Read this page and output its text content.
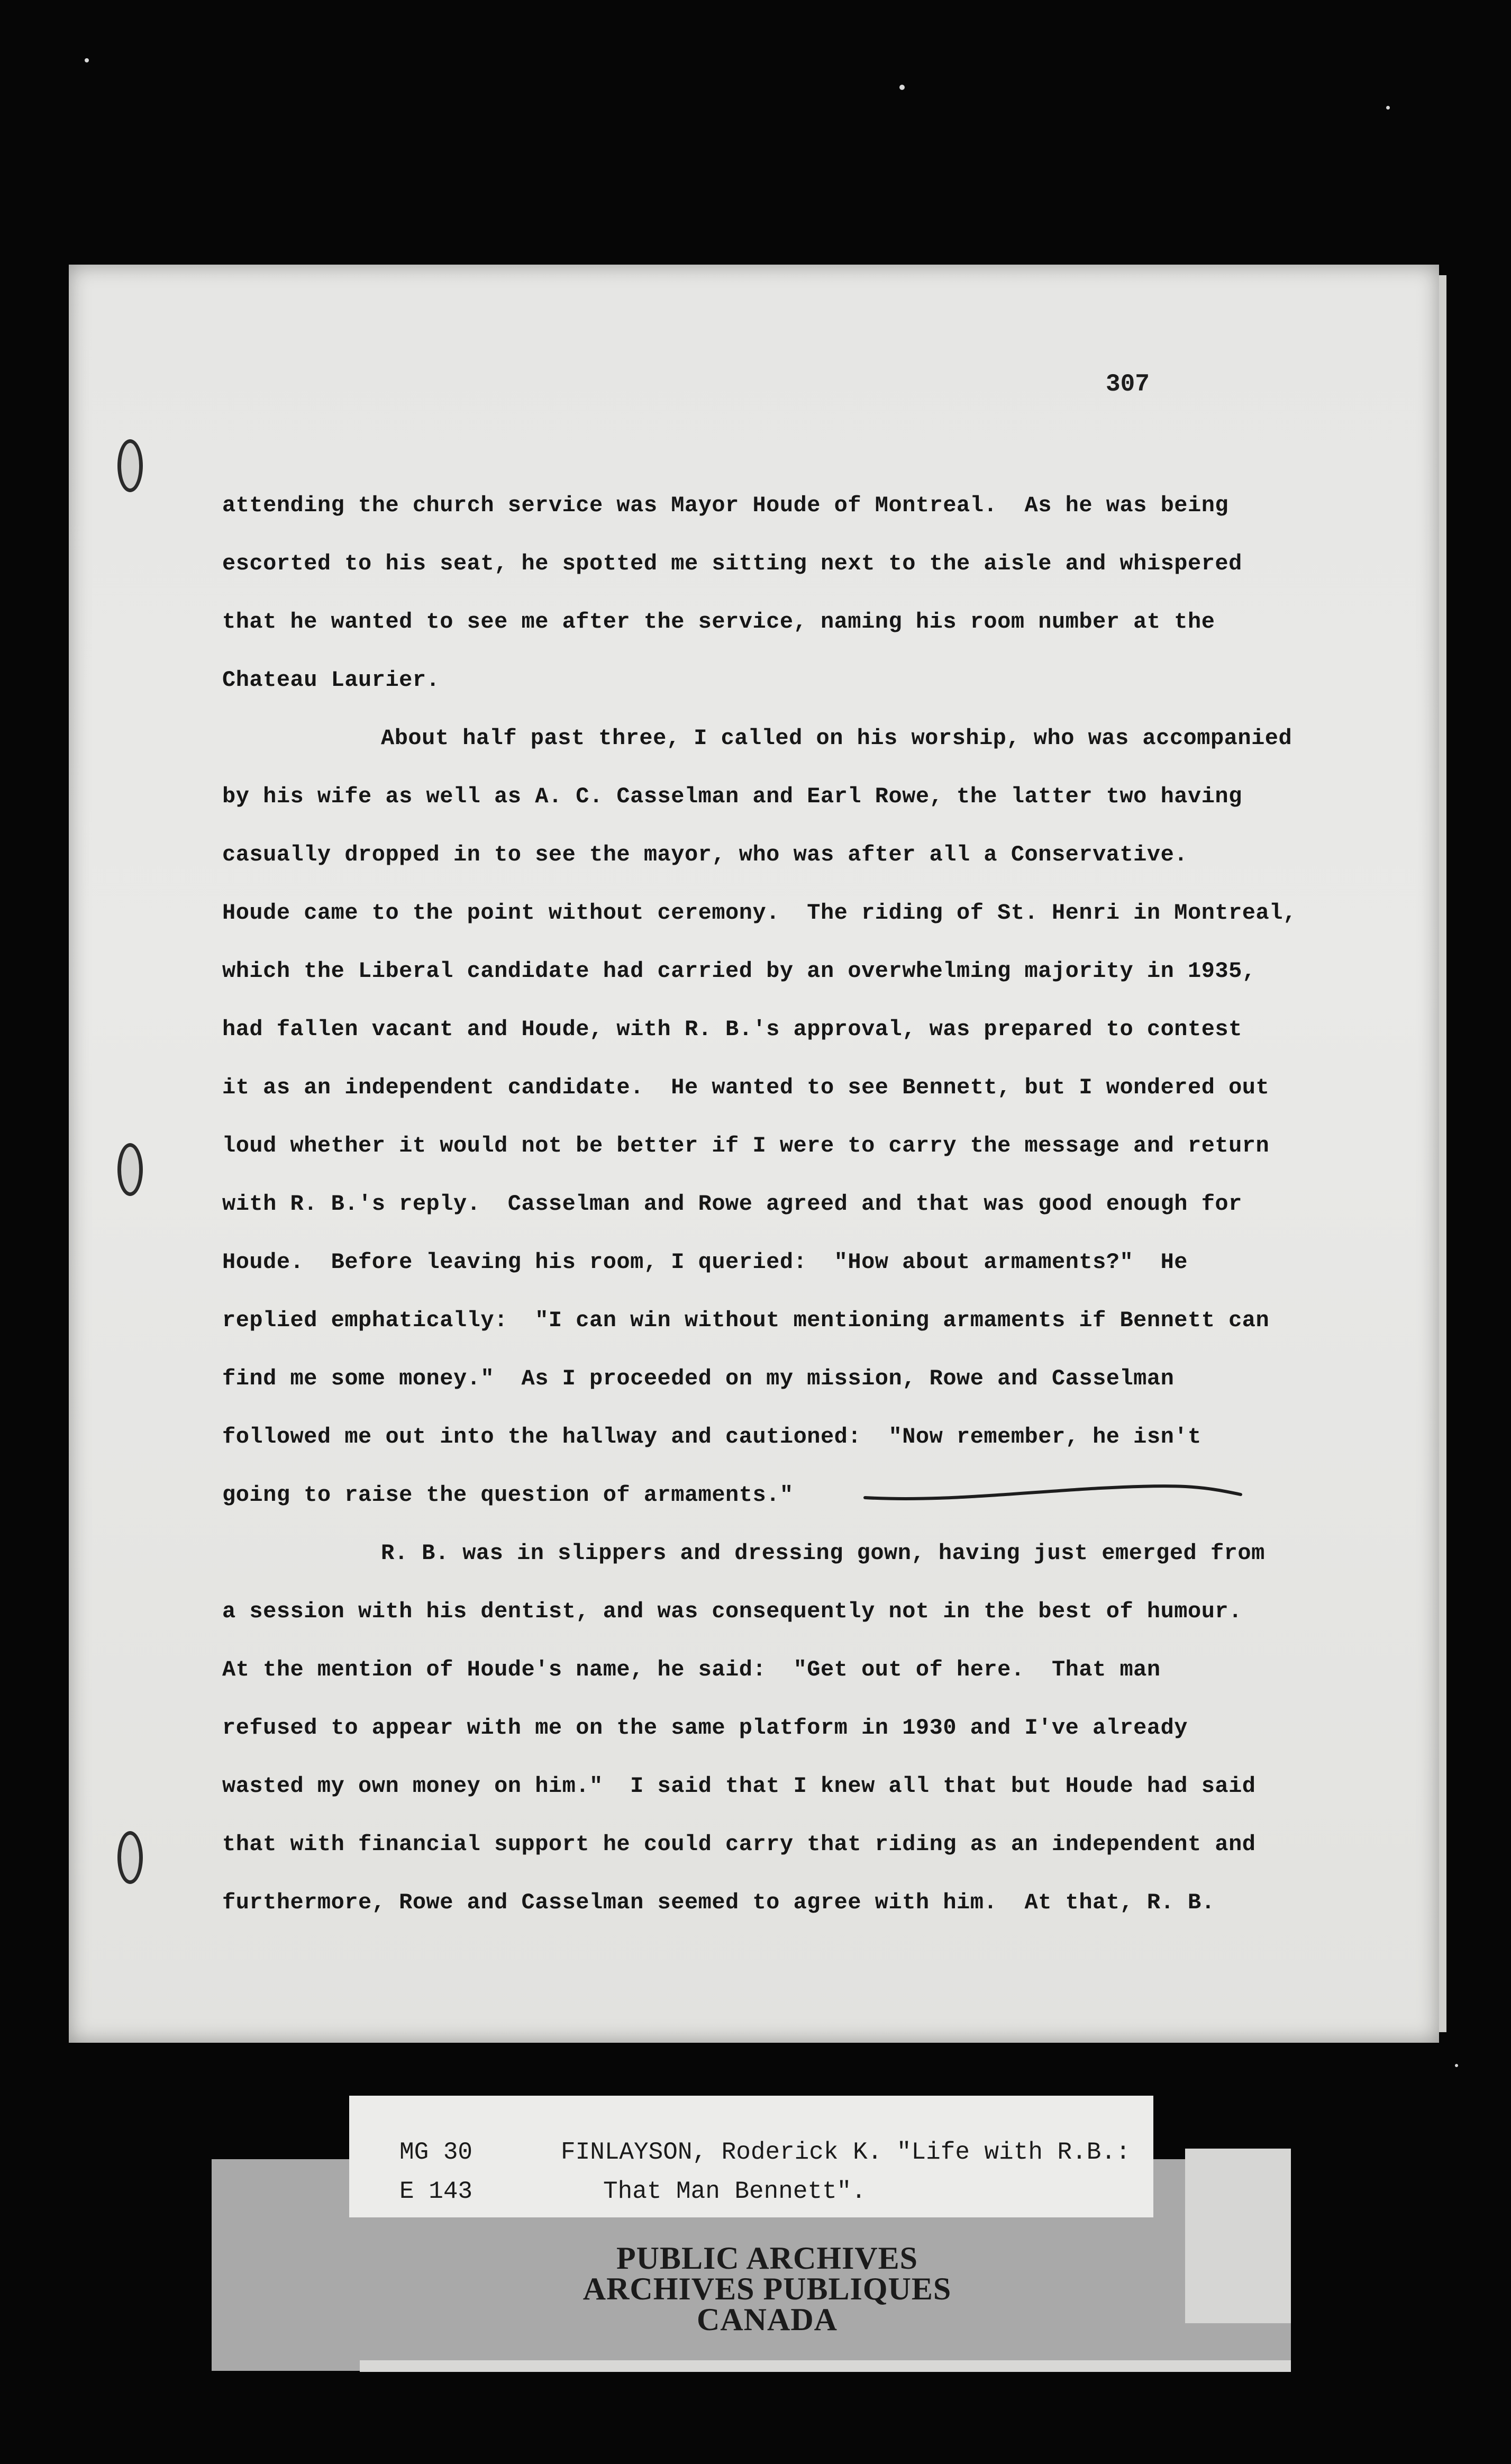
307
attending the church service was Mayor Houde of Montreal.  As he was being
escorted to his seat, he spotted me sitting next to the aisle and whispered
that he wanted to see me after the service, naming his room number at the
Chateau Laurier.
About half past three, I called on his worship, who was accompanied
by his wife as well as A. C. Casselman and Earl Rowe, the latter two having
casually dropped in to see the mayor, who was after all a Conservative.
Houde came to the point without ceremony.  The riding of St. Henri in Montreal,
which the Liberal candidate had carried by an overwhelming majority in 1935,
had fallen vacant and Houde, with R. B.'s approval, was prepared to contest
it as an independent candidate.  He wanted to see Bennett, but I wondered out
loud whether it would not be better if I were to carry the message and return
with R. B.'s reply.  Casselman and Rowe agreed and that was good enough for
Houde.  Before leaving his room, I queried:  "How about armaments?"  He
replied emphatically:  "I can win without mentioning armaments if Bennett can
find me some money."  As I proceeded on my mission, Rowe and Casselman
followed me out into the hallway and cautioned:  "Now remember, he isn't
going to raise the question of armaments."
R. B. was in slippers and dressing gown, having just emerged from
a session with his dentist, and was consequently not in the best of humour.
At the mention of Houde's name, he said:  "Get out of here.  That man
refused to appear with me on the same platform in 1930 and I've already
wasted my own money on him."  I said that I knew all that but Houde had said
that with financial support he could carry that riding as an independent and
furthermore, Rowe and Casselman seemed to agree with him.  At that, R. B.
MG 30
E 143
FINLAYSON, Roderick K. "Life with R.B.:
That Man Bennett".
PUBLIC ARCHIVES
ARCHIVES PUBLIQUES
CANADA
